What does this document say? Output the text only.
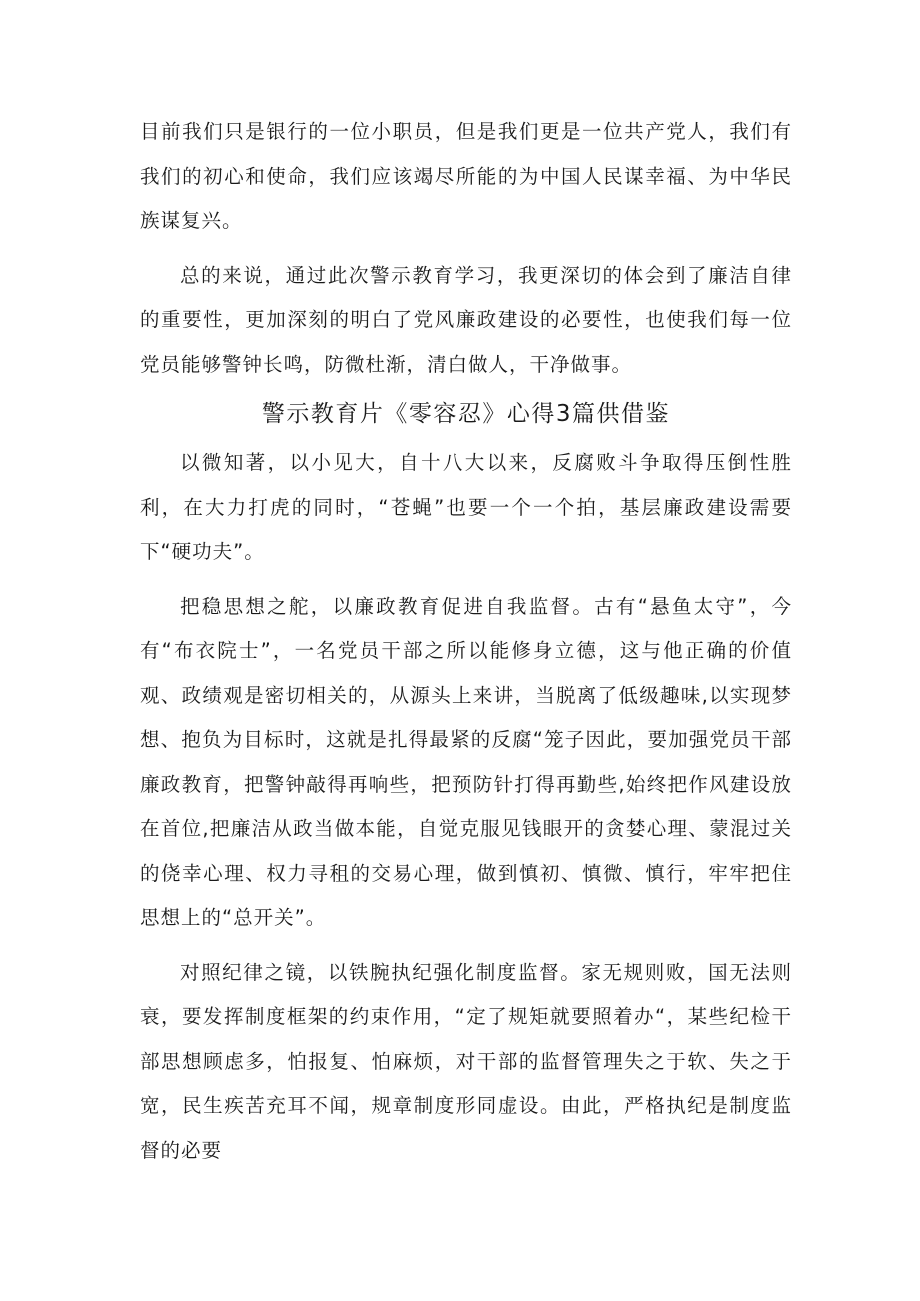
目前我们只是银行的一位小职员，但是我们更是一位共产党人，我们有我们的初心和使命，我们应该竭尽所能的为中国人民谋幸福、为中华民族谋复兴。

总的来说，通过此次警示教育学习，我更深切的体会到了廉洁自律的重要性，更加深刻的明白了党风廉政建设的必要性，也使我们每一位党员能够警钟长鸣，防微杜渐，清白做人，干净做事。

警示教育片《零容忍》心得3篇供借鉴

以微知著，以小见大，自十八大以来，反腐败斗争取得压倒性胜利，在大力打虎的同时，“苍蝇”也要一个一个拍，基层廉政建设需要下“硬功夫”。

把稳思想之舵，以廉政教育促进自我监督。古有“悬鱼太守”，今有“布衣院士”，一名党员干部之所以能修身立德，这与他正确的价值观、政绩观是密切相关的，从源头上来讲，当脱离了低级趣味,以实现梦想、抱负为目标时，这就是扎得最紧的反腐“笼子因此，要加强党员干部廉政教育，把警钟敲得再响些，把预防针打得再勤些,始终把作风建设放在首位,把廉洁从政当做本能，自觉克服见钱眼开的贪婪心理、蒙混过关的侥幸心理、权力寻租的交易心理，做到慎初、慎微、慎行，牢牢把住思想上的“总开关”。

对照纪律之镜，以铁腕执纪强化制度监督。家无规则败，国无法则衰，要发挥制度框架的约束作用，“定了规矩就要照着办“，某些纪检干部思想顾虑多，怕报复、怕麻烦，对干部的监督管理失之于软、失之于宽，民生疾苦充耳不闻，规章制度形同虚设。由此，严格执纪是制度监督的必要
